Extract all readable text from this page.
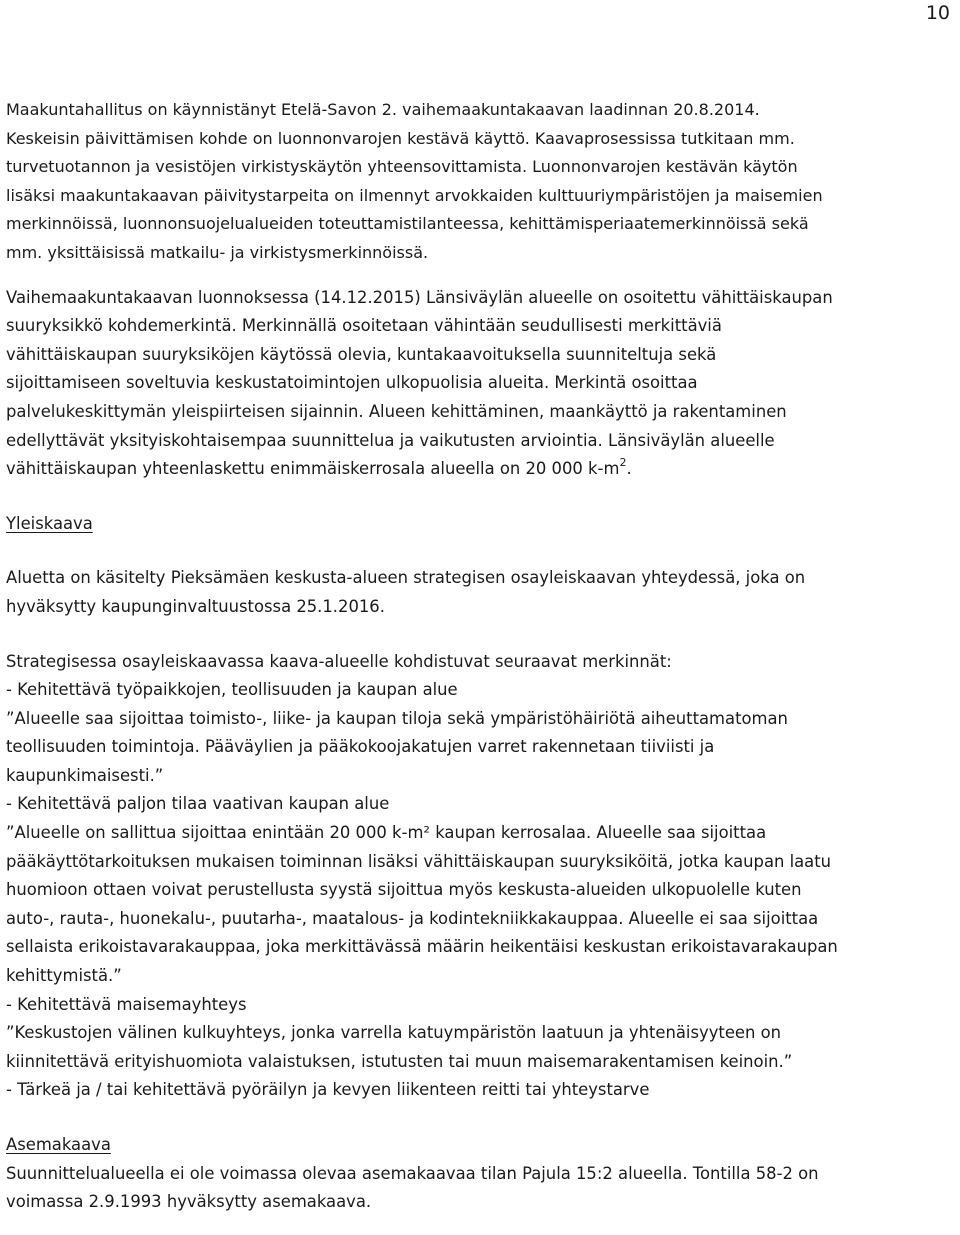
10

Maakuntahallitus on käynnistänyt Etelä-Savon 2. vaihemaakuntakaavan laadinnan 20.8.2014.

Keskeisin päivittämisen kohde on luonnonvarojen kestävä käyttö. Kaavaprosessissa tutkitaan mm.

turvetuotannon ja vesistöjen virkistyskäytön yhteensovittamista. Luonnonvarojen kestävän käytön

lisäksi maakuntakaavan päivitystarpeita on ilmennyt arvokkaiden kulttuuriympäristöjen ja maisemien

merkinnöissä, luonnonsuojelualueiden toteuttamistilanteessa, kehittämisperiaatemerkinnöissä sekä

mm. yksittäisissä matkailu- ja virkistysmerkinnöissä.

Vaihemaakuntakaavan luonnoksessa (14.12.2015) Länsiväylän alueelle on osoitettu vähittäiskaupan

suuryksikkö kohdemerkintä. Merkinnällä osoitetaan vähintään seudullisesti merkittäviä

vähittäiskaupan suuryksiköjen käytössä olevia, kuntakaavoituksella suunniteltuja sekä

sijoittamiseen soveltuvia keskustatoimintojen ulkopuolisia alueita. Merkintä osoittaa

palvelukeskittymän yleispiirteisen sijainnin. Alueen kehittäminen, maankäyttö ja rakentaminen

edellyttävät yksityiskohtaisempaa suunnittelua ja vaikutusten arviointia. Länsiväylän alueelle

vähittäiskaupan yhteenlaskettu enimmäiskerrosala alueella on 20 000 $k-m^2$.

Yleiskaava

Aluetta on käsitelty Pieksämäen keskusta-alueen strategisen osayleiskaavan yhteydessä, joka on

hyväksytty kaupunginvaltuustossa 25.1.2016.

Strategisessa osayleiskaavassa kaava-alueelle kohdistuvat seuraavat merkinnät:

- Kehitettävä työpaikkojen, teollisuuden ja kaupan alue

”Alueelle saa sijoittaa toimisto-, liike- ja kaupan tiloja sekä ympäristöhäiriötä aiheuttamatoman

teollisuuden toimintoja. Pääväylien ja pääkokoojakatujen varret rakennetaan tiiviisti ja

kaupunkimaisesti.”

- Kehitettävä paljon tilaa vaativan kaupan alue

”Alueelle on sallittua sijoittaa enintään 20 000 k-m² kaupan kerrosalaa. Alueelle saa sijoittaa

pääkäyttötarkoituksen mukaisen toiminnan lisäksi vähittäiskaupan suuryksiköitä, jotka kaupan laatu

huomioon ottaen voivat perustellusta syystä sijoittua myös keskusta-alueiden ulkopuolelle kuten

auto-, rauta-, huonekalu-, puutarha-, maatalous- ja kodintekniikkakauppaa. Alueelle ei saa sijoittaa

sellaista erikoistavarakauppaa, joka merkittävässä määrin heikentäisi keskustan erikoistavarakaupan

kehittymistä.”

- Kehitettävä maisemayhteys

”Keskustojen välinen kulkuyhteys, jonka varrella katuympäristön laatuun ja yhtenäisyyteen on

kiinnitettävä erityishuomiota valaistuksen, istutusten tai muun maisemarakentamisen keinoin.”

- Tärkeä ja / tai kehitettävä pyöräilyn ja kevyen liikenteen reitti tai yhteystarve

Asemakaava

Suunnittelualueella ei ole voimassa olevaa asemakaavaa tilan Pajula 15:2 alueella. Tontilla 58-2 on

voimassa 2.9.1993 hyväksytty asemakaava.
